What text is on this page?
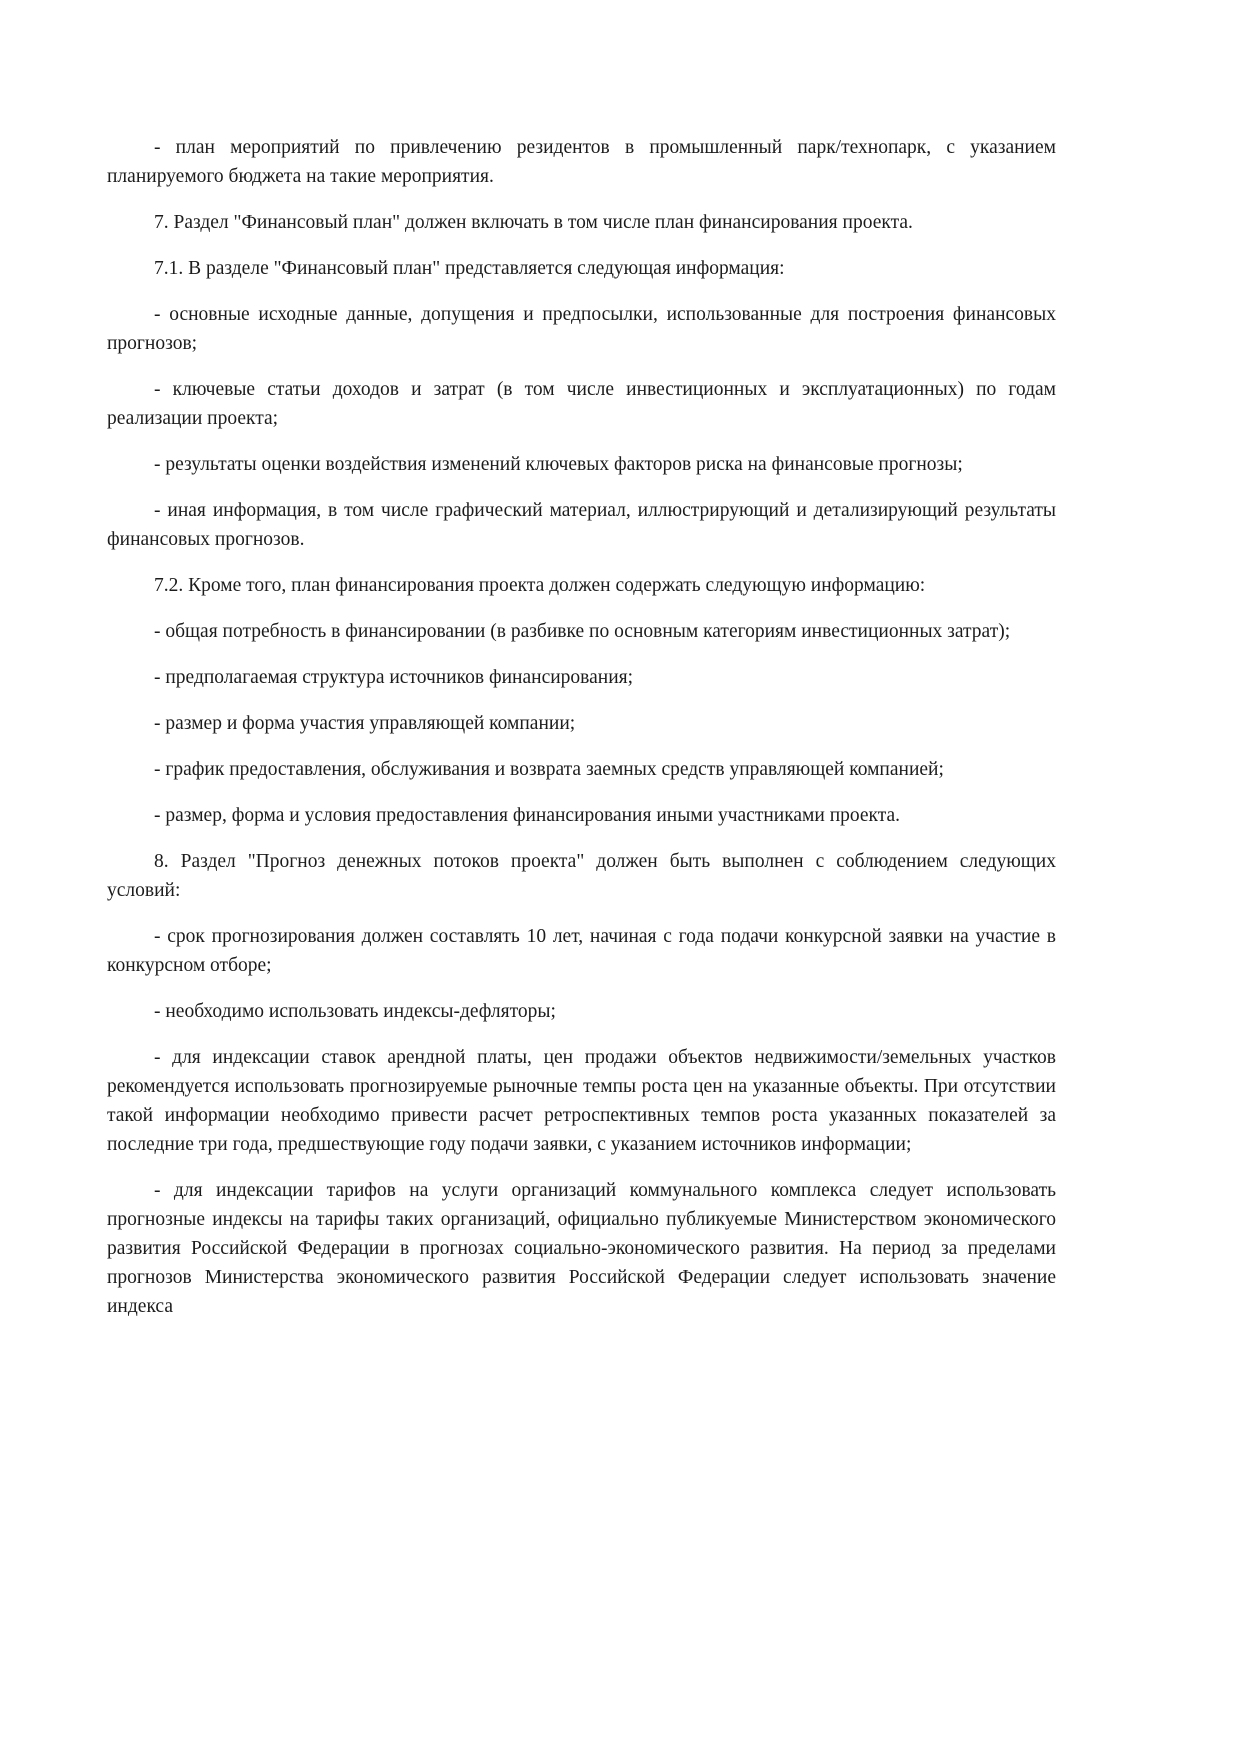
- план мероприятий по привлечению резидентов в промышленный парк/технопарк, с указанием планируемого бюджета на такие мероприятия.

7. Раздел "Финансовый план" должен включать в том числе план финансирования проекта.

7.1. В разделе "Финансовый план" представляется следующая информация:

- основные исходные данные, допущения и предпосылки, использованные для построения финансовых прогнозов;

- ключевые статьи доходов и затрат (в том числе инвестиционных и эксплуатационных) по годам реализации проекта;

- результаты оценки воздействия изменений ключевых факторов риска на финансовые прогнозы;

- иная информация, в том числе графический материал, иллюстрирующий и детализирующий результаты финансовых прогнозов.

7.2. Кроме того, план финансирования проекта должен содержать следующую информацию:

- общая потребность в финансировании (в разбивке по основным категориям инвестиционных затрат);

- предполагаемая структура источников финансирования;

- размер и форма участия управляющей компании;

- график предоставления, обслуживания и возврата заемных средств управляющей компанией;

- размер, форма и условия предоставления финансирования иными участниками проекта.

8. Раздел "Прогноз денежных потоков проекта" должен быть выполнен с соблюдением следующих условий:

- срок прогнозирования должен составлять 10 лет, начиная с года подачи конкурсной заявки на участие в конкурсном отборе;

- необходимо использовать индексы-дефляторы;

- для индексации ставок арендной платы, цен продажи объектов недвижимости/земельных участков рекомендуется использовать прогнозируемые рыночные темпы роста цен на указанные объекты. При отсутствии такой информации необходимо привести расчет ретроспективных темпов роста указанных показателей за последние три года, предшествующие году подачи заявки, с указанием источников информации;

- для индексации тарифов на услуги организаций коммунального комплекса следует использовать прогнозные индексы на тарифы таких организаций, официально публикуемые Министерством экономического развития Российской Федерации в прогнозах социально-экономического развития. На период за пределами прогнозов Министерства экономического развития Российской Федерации следует использовать значение индекса
